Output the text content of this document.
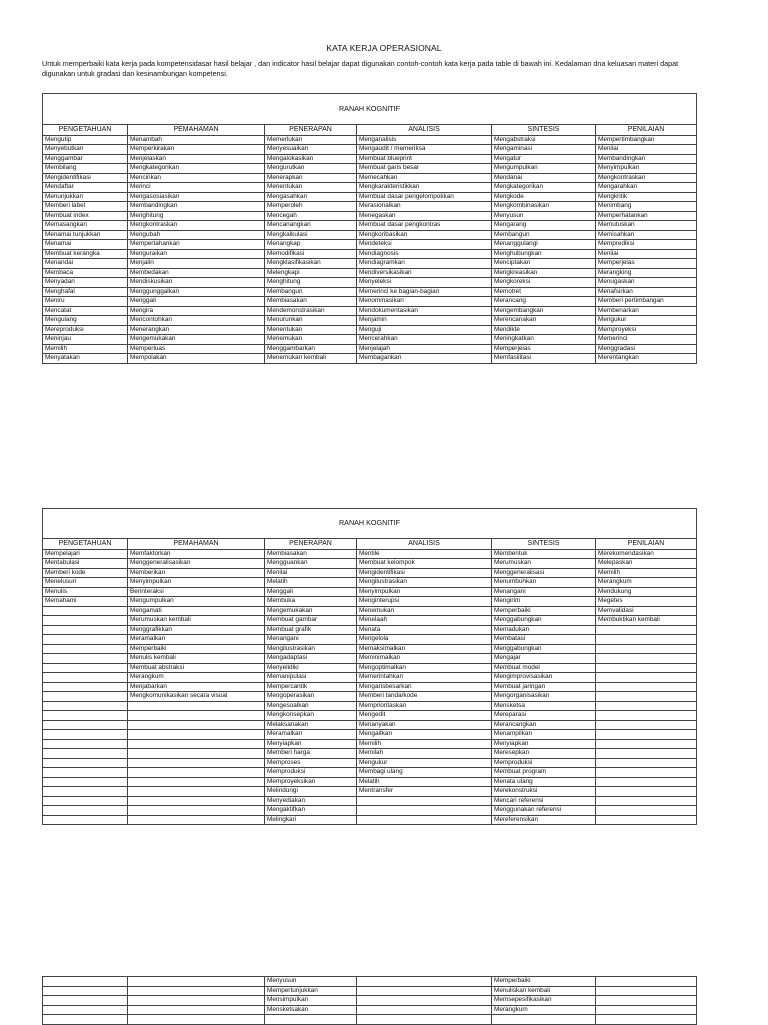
KATA KERJA OPERASIONAL
Untuk memperbaiki kata kerja pada kompetensidasar hasil belajar , dan indicator hasil belajar dapat digunakan contoh-contoh kata kerja pada table di bawah ini. Kedalaman dna keluasan materi dapat digunakan untuk gradasi dan kesinambungan kompetensi.
RANAH KOGNITIF					
PENGETAHUAN	PEMAHAMAN	PENERAPAN	ANALISIS	SINTESIS	PENILAIAN
Mengutip	Menambah	Memerlukan	Menganalisis	Mengabstraksi	Mempertimbangkan
Menyebutkan	Memperkirakan	Menyesuaikan	Mengaudit / memeriksa	Mengaminasi	Menilai
Menggambar	Menjelaskan	Mengalokasikan	Membuat blueprint	Mengatur	Membandingkan
Membilang	Mengkategorikan	Mengurutkan	Membuat garis besar	Mengumpulkan	Menyimpulkan
Mengidentifikasi	Mencirikan	Menerapkan	Memecahkan	Mendanai	Mengkontraskan
Mendaftar	Merinci	Menentukan	Mengkarakteristikkan	Mengkategorikan	Mengarahkan
Menunjukkan	Mengasosiasikan	Mengasahkan	Membuat dasar pengelompokkan	Mengkode	Mengkritik
Memberi label	Membandingkan	Memperoleh	Merasionalkan	Mengkombinasikan	Menimbang
Membuat index	Menghitung	Mencegah	Menegaskan	Menyusun	Memperhatankan
Memasangkan	Mengkontraskan	Mencanangkan	Membuat dasar pengkontras	Mengarang	Memutuskan
Menamai tunjukkan	Mengubah	Mengkalkulasi	Mengkoribasikan	Membangun	Memisahkan
Menamai	Mempertahankan	Menangkap	Mendeteksi	Menanggulangi	Memprediksi
Membuat kerangka	Menguraikan	Memodifikasi	Mendiagnosis	Menghubungkan	Menilai
Menandai	Menjalin	Mengklasifikasikan	Mendiagramkan	Menciptakan	Memperjelas
Membaca	Membedakan	Melengkapi	Mendiversikasikan	Mengkreasikan	Merangking
Menyadari	Mendiskusikan	Menghitung	Menyeleksi	Mengkoreksi	Menugaskan
Menghafal	Menggunggalkan	Membangun	Memerinci ke bagian-bagian	Memotret	Menafsirkan
Meniru	Menggali	Membiasakan	Menominasikan	Merancang	Memberi pertimbangan
Mencatat	Mengira	Mendemonstrasikan	Mendokumentasikan	Mengembangkan	Membenarkan
Mengulang	Mencontohkan	Menurunkan	Menjamin	Merencanakan	Mengukur
Mereproduksi	Menerangkan	Menentukan	Menguji	Mendikte	Memproyeksi
Meninjau	Mengemukakan	Menemukan	Mencerahkan	Meningkatkan	Memerinci
Memilih	Memperluas	Menggambarkan	Menjelajah	Memperjelas	Menggradasi
Menyatakan	Mempolakan	Menemukan kembali	Membagankan	Memfasilitasi	Merentangkan
RANAH KOGNITIF					
PENGETAHUAN	PEMAHAMAN	PENERAPAN	ANALISIS	SINTESIS	PENILAIAN
Mempelajari	Memfaktorkan	Membiasakan	Mentile	Membentuk	Merekomendasikan
Mentabulasi	Menggeneralisasikan	Mengguankan	Membuat kelompok	Merumuskan	Melepaskan
Memberi kode	Memberikan	Menilai	Mengidentifikasi	Menggeneralisasi	Memilih
Menelusuri	Menyimpulkan	Melatih	Mengilustrasikan	Menumbuhkan	Merangkum
Menulis	Berinteraksi	Menggali	Menyimpulkan	Menangani	Mendukung
Memahami	Mengumpulkan	Membuka	Menginterupsi	Mengirim	Megetes
	Mengamati	Mengemukakan	Menemukan	Memperbaiki	Memvalidasi
	Merumuskan kembali	Membuat gambar	Menelaah	Menggabungkan	Membuktikan kembali
	Menggrafikkan	Membuat grafik	Menata	Memadukan	
	Meramalkan	Menangani	Mengelola	Membatasi	
	Memperbaiki	Mengilustrasikan	Memaksimalkan	Menggabungkan	
	Menulis kembali	Mengadaptasi	Meminimalkan	Mengajar	
	Membuat abstraksi	Menyelidiki	Mengoptimalkan	Membuat model	
	Merangkum	Memanipulasi	Memerintahkan	Mengimprovisasikan	
	Menjabarkan	Mempercantik	Mengarisbesarkan	Membuat jaringan	
	Mengkomunikasikan secara visual	Mengoperasikan	Memberi tanda/kode	Mengorganisasikan	
		Mengesoalkan	Memprioritaskan	Mensketsa	
		Mengkonsepkan	Mengedit	Mereparasi	
		Melaksanakan	Menanyakan	Merancangkan	
		Meramalkan	Mengaitkan	Menampilkan	
		Menyiapkan	Memilih	Menyiapkan	
		Memberi harga	Memilah	Meresepkan	
		Memproses	Mengukur	Memproduksi	
		Memproduksi	Membagi ulang	Membuat program	
		Memproyeksikan	Melatih	Menata ulang	
		Melindungi	Mentransfer	Merekonstruksi	
		Menyediakan		Mencari referensi	
		Mengaktifkan		Menggunakan referensi	
		Melingkari		Mereferensikan	
		Menyusun		Memperbaiki	
		Mempertunjukkan		Menuliskan kembali	
		Mensimpulkan		Memsepesifikasikan	
		Mensketsakan		Merangkum	
